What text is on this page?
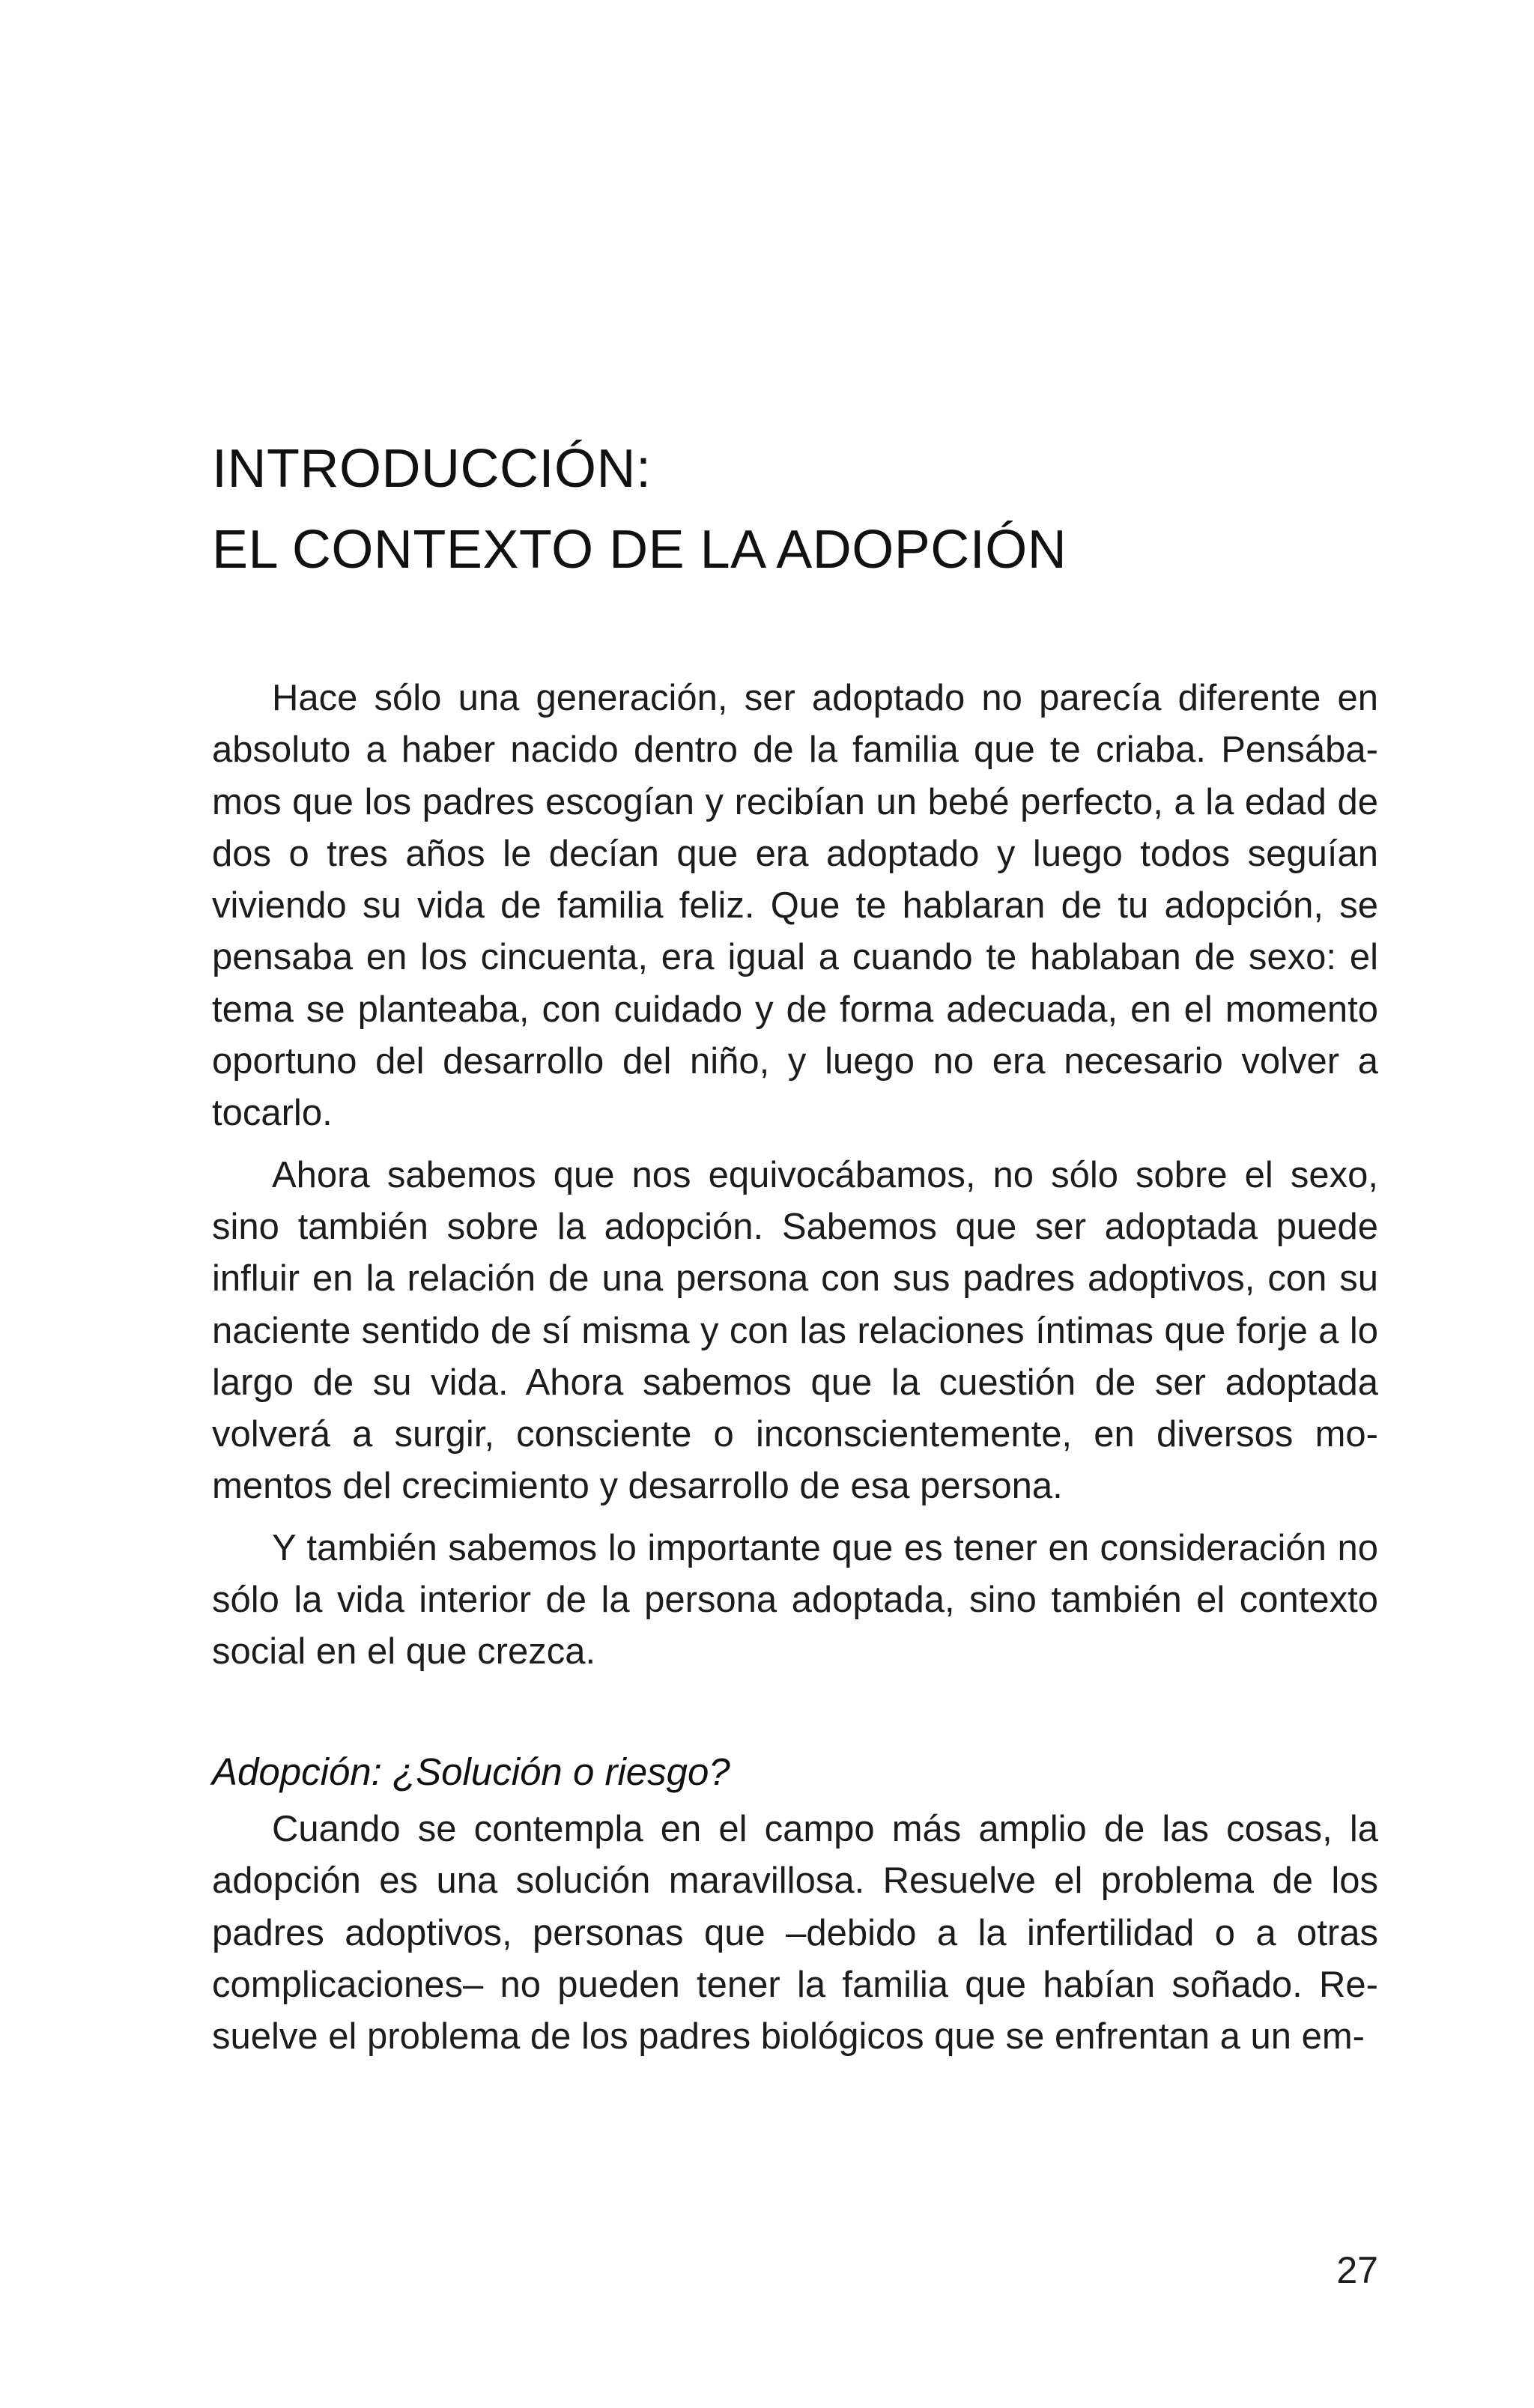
INTRODUCCIÓN:
EL CONTEXTO DE LA ADOPCIÓN

Hace sólo una generación, ser adoptado no parecía diferente en absoluto a haber nacido dentro de la familia que te criaba. Pensábamos que los padres escogían y recibían un bebé perfecto, a la edad de dos o tres años le decían que era adoptado y luego todos seguían viviendo su vida de familia feliz. Que te hablaran de tu adopción, se pensaba en los cincuenta, era igual a cuando te hablaban de sexo: el tema se planteaba, con cuidado y de forma adecuada, en el momento oportuno del desarrollo del niño, y luego no era necesario volver a tocarlo.

Ahora sabemos que nos equivocábamos, no sólo sobre el sexo, sino también sobre la adopción. Sabemos que ser adoptada puede influir en la relación de una persona con sus padres adoptivos, con su naciente sentido de sí misma y con las relaciones íntimas que forje a lo largo de su vida. Ahora sabemos que la cuestión de ser adoptada volverá a surgir, consciente o inconscientemente, en diversos momentos del crecimiento y desarrollo de esa persona.

Y también sabemos lo importante que es tener en consideración no sólo la vida interior de la persona adoptada, sino también el contexto social en el que crezca.

Adopción: ¿Solución o riesgo?

Cuando se contempla en el campo más amplio de las cosas, la adopción es una solución maravillosa. Resuelve el problema de los padres adoptivos, personas que –debido a la infertilidad o a otras complicaciones– no pueden tener la familia que habían soñado. Resuelve el problema de los padres biológicos que se enfrentan a un em-

27
